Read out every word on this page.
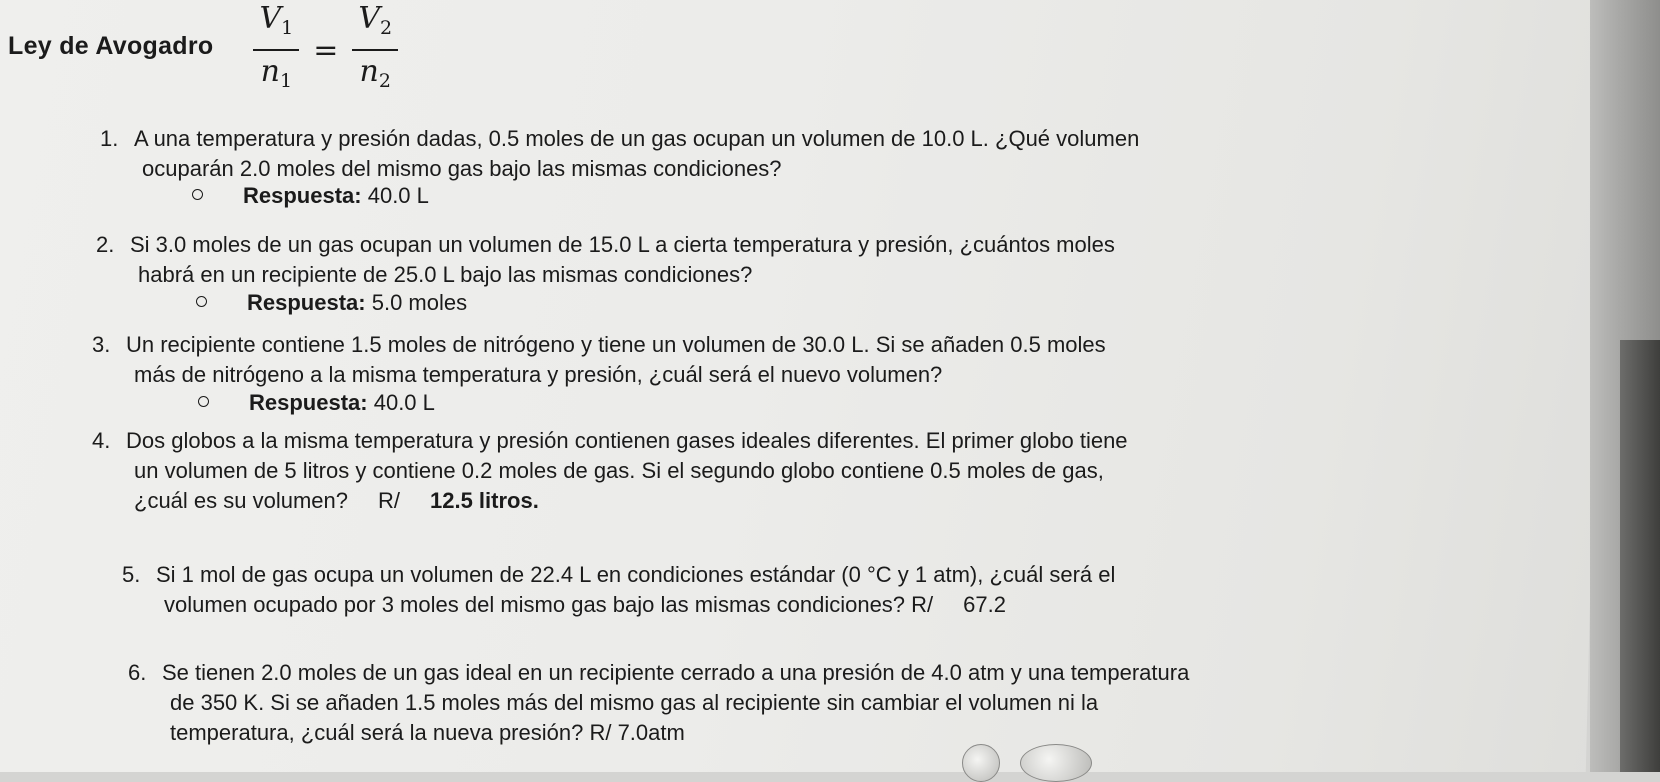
Ley de Avogadro $\frac{V_1}{n_1} = \frac{V_2}{n_2}$
1. A una temperatura y presión dadas, 0.5 moles de un gas ocupan un volumen de 10.0 L. ¿Qué volumen
ocuparán 2.0 moles del mismo gas bajo las mismas condiciones?
Respuesta: 40.0 L
2. Si 3.0 moles de un gas ocupan un volumen de 15.0 L a cierta temperatura y presión, ¿cuántos moles
habrá en un recipiente de 25.0 L bajo las mismas condiciones?
Respuesta: 5.0 moles
3. Un recipiente contiene 1.5 moles de nitrógeno y tiene un volumen de 30.0 L. Si se añaden 0.5 moles
más de nitrógeno a la misma temperatura y presión, ¿cuál será el nuevo volumen?
Respuesta: 40.0 L
4. Dos globos a la misma temperatura y presión contienen gases ideales diferentes. El primer globo tiene
un volumen de 5 litros y contiene 0.2 moles de gas. Si el segundo globo contiene 0.5 moles de gas,
¿cuál es su volumen? R/ 12.5 litros.
5. Si 1 mol de gas ocupa un volumen de 22.4 L en condiciones estándar (0 °C y 1 atm), ¿cuál será el
volumen ocupado por 3 moles del mismo gas bajo las mismas condiciones? R/ 67.2
6. Se tienen 2.0 moles de un gas ideal en un recipiente cerrado a una presión de 4.0 atm y una temperatura
de 350 K. Si se añaden 1.5 moles más del mismo gas al recipiente sin cambiar el volumen ni la
temperatura, ¿cuál será la nueva presión? R/ 7.0atm
